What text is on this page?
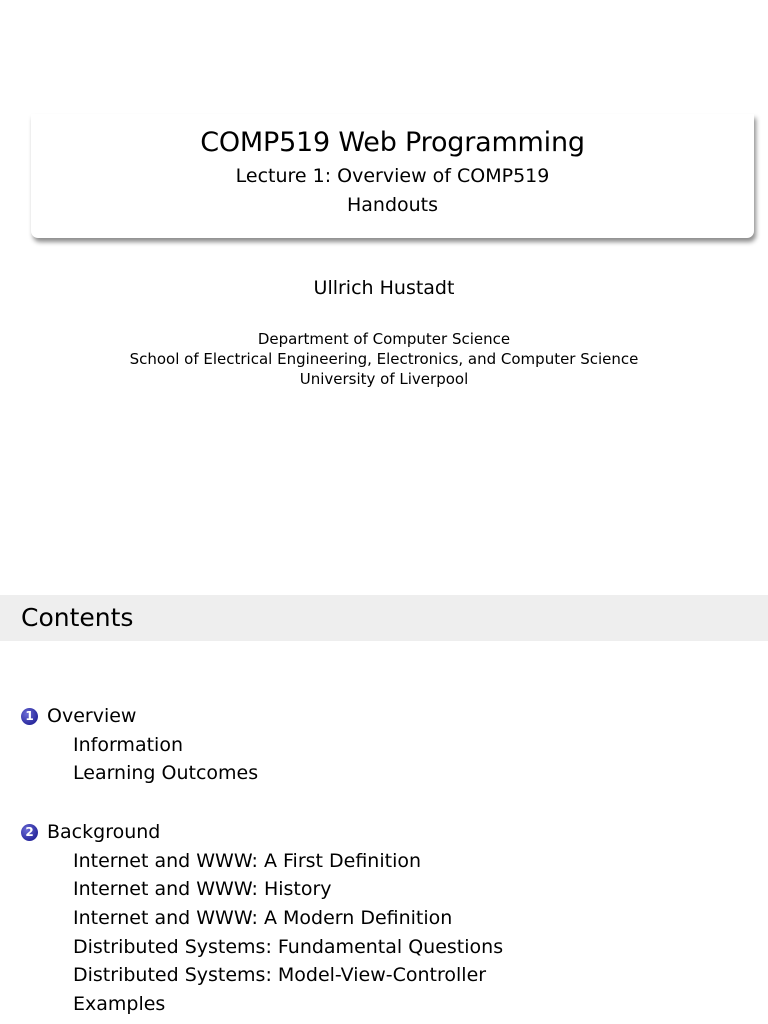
COMP519 Web Programming
Lecture 1: Overview of COMP519
Handouts
Ullrich Hustadt
Department of Computer Science
School of Electrical Engineering, Electronics, and Computer Science
University of Liverpool
Contents
1 Overview
Information
Learning Outcomes
2 Background
Internet and WWW: A First Definition
Internet and WWW: History
Internet and WWW: A Modern Definition
Distributed Systems: Fundamental Questions
Distributed Systems: Model-View-Controller
Examples
